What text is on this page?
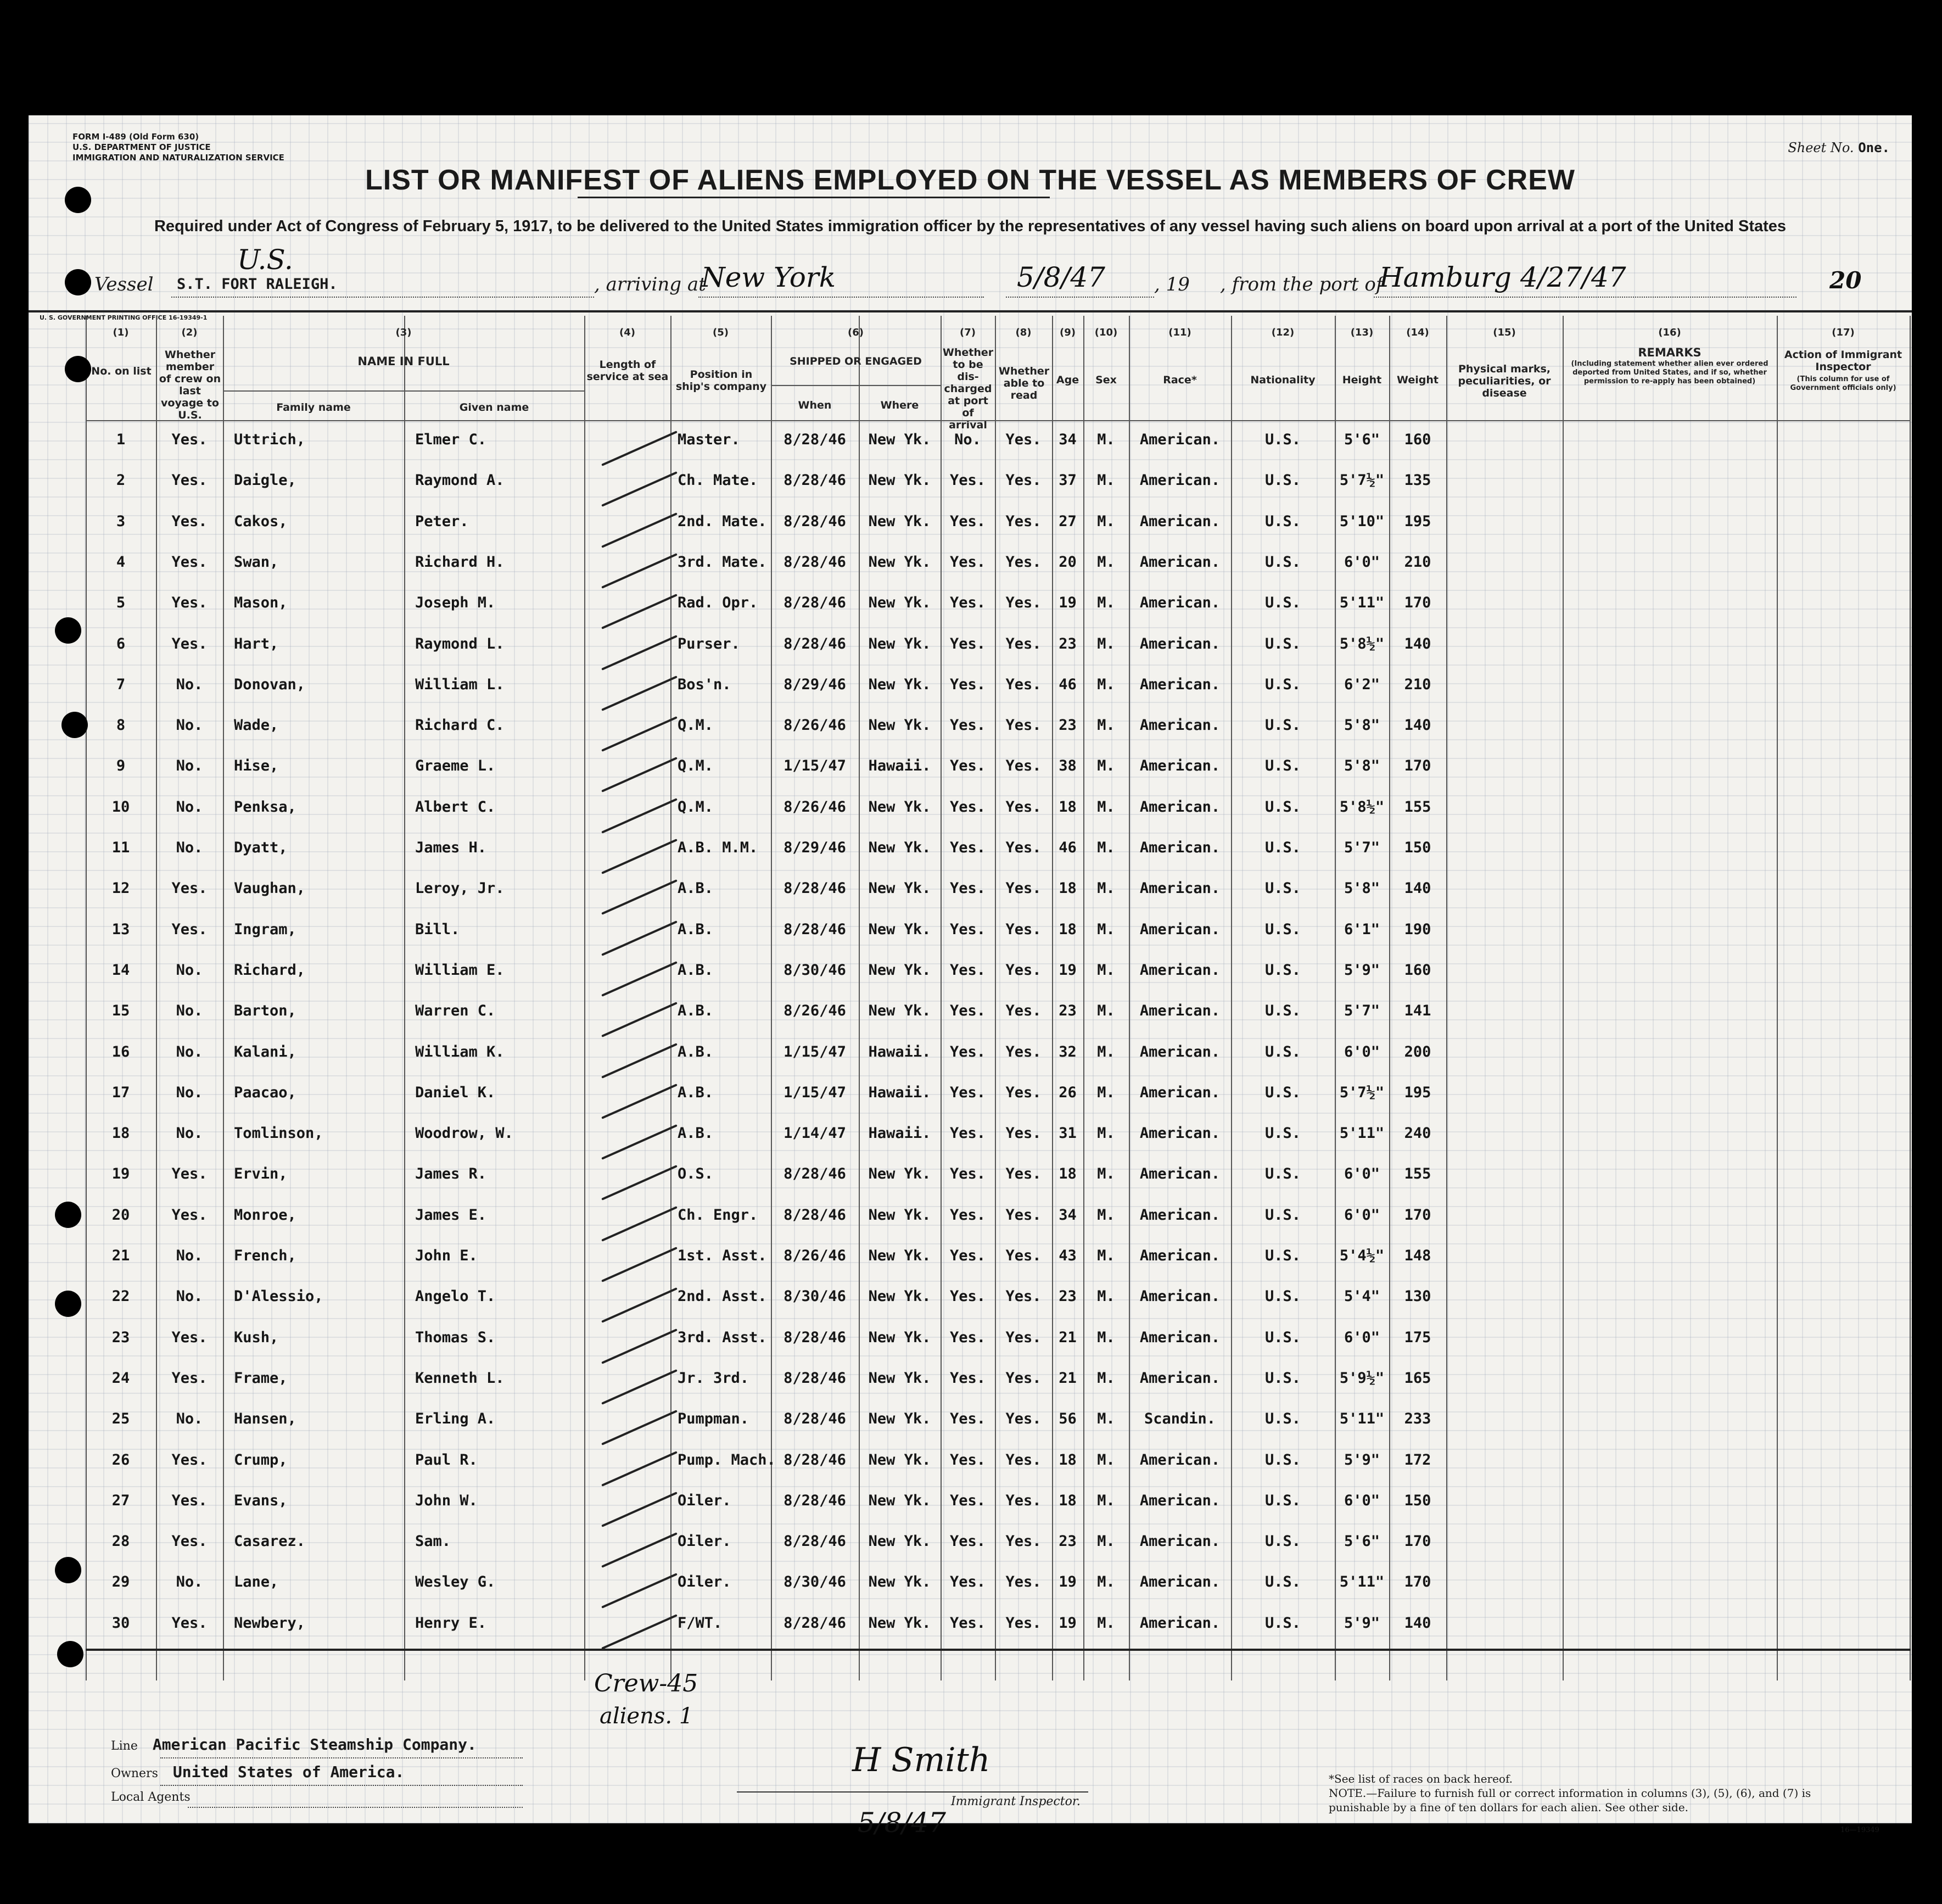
/
FORM I-489 (Old Form 630)
U.S. DEPARTMENT OF JUSTICE
IMMIGRATION AND NATURALIZATION SERVICE
Sheet No. One.
LIST OR MANIFEST OF ALIENS EMPLOYED ON THE VESSEL AS MEMBERS OF CREW
Required under Act of Congress of February 5, 1917, to be delivered to the United States immigration officer by the representatives of any vessel having such aliens on board upon arrival at a port of the United States
U.S.
Vessel S.T. FORT RALEIGH.	, arriving at
New York	5/8/47	, 19 , from the port of
Hamburg 4/27/47	20
U. S. GOVERNMENT PRINTING OFFICE 16-19349-1
(1)	(2)	(3)	(4)	(5)	(6)	(7)	(8)	(9)	(10)	(11)	(12)	(13)	(14)	(15)	(16)	(17)
No. on list
Whether member of crew on last voyage to U.S.
NAME IN FULL
Family name	Given name
Length of service at sea	Position in ship's company
SHIPPED OR ENGAGED
When	Where
Whether to be dis-charged at port of arrival
Whether able to read
Age	Sex	Race*	Nationality	Height	Weight
Physical marks, peculiarities, or disease
REMARKS
(Including statement whether alien ever ordered deported from United States, and if so, whether permission to re-apply has been obtained)
Action of Immigrant Inspector
(This column for use of Government officials only)
1	Yes.	Uttrich,	Elmer C.	Master.	8/28/46	New Yk.	No.	Yes.	34	M.	American.	U.S.	5'6"	160
2	Yes.	Daigle,	Raymond A.	Ch. Mate.	8/28/46	New Yk.	Yes.	Yes.	37	M.	American.	U.S.	5'7½"	135
3	Yes.	Cakos,	Peter.	2nd. Mate.	8/28/46	New Yk.	Yes.	Yes.	27	M.	American.	U.S.	5'10"	195
4	Yes.	Swan,	Richard H.	3rd. Mate.	8/28/46	New Yk.	Yes.	Yes.	20	M.	American.	U.S.	6'0"	210
5	Yes.	Mason,	Joseph M.	Rad. Opr.	8/28/46	New Yk.	Yes.	Yes.	19	M.	American.	U.S.	5'11"	170
6	Yes.	Hart,	Raymond L.	Purser.	8/28/46	New Yk.	Yes.	Yes.	23	M.	American.	U.S.	5'8½"	140
7	No.	Donovan,	William L.	Bos'n.	8/29/46	New Yk.	Yes.	Yes.	46	M.	American.	U.S.	6'2"	210
8	No.	Wade,	Richard C.	Q.M.	8/26/46	New Yk.	Yes.	Yes.	23	M.	American.	U.S.	5'8"	140
9	No.	Hise,	Graeme L.	Q.M.	1/15/47	Hawaii.	Yes.	Yes.	38	M.	American.	U.S.	5'8"	170
10	No.	Penksa,	Albert C.	Q.M.	8/26/46	New Yk.	Yes.	Yes.	18	M.	American.	U.S.	5'8½"	155
11	No.	Dyatt,	James H.	A.B. M.M.	8/29/46	New Yk.	Yes.	Yes.	46	M.	American.	U.S.	5'7"	150
12	Yes.	Vaughan,	Leroy, Jr.	A.B.	8/28/46	New Yk.	Yes.	Yes.	18	M.	American.	U.S.	5'8"	140
13	Yes.	Ingram,	Bill.	A.B.	8/28/46	New Yk.	Yes.	Yes.	18	M.	American.	U.S.	6'1"	190
14	No.	Richard,	William E.	A.B.	8/30/46	New Yk.	Yes.	Yes.	19	M.	American.	U.S.	5'9"	160
15	No.	Barton,	Warren C.	A.B.	8/26/46	New Yk.	Yes.	Yes.	23	M.	American.	U.S.	5'7"	141
16	No.	Kalani,	William K.	A.B.	1/15/47	Hawaii.	Yes.	Yes.	32	M.	American.	U.S.	6'0"	200
17	No.	Paacao,	Daniel K.	A.B.	1/15/47	Hawaii.	Yes.	Yes.	26	M.	American.	U.S.	5'7½"	195
18	No.	Tomlinson,	Woodrow, W.	A.B.	1/14/47	Hawaii.	Yes.	Yes.	31	M.	American.	U.S.	5'11"	240
19	Yes.	Ervin,	James R.	O.S.	8/28/46	New Yk.	Yes.	Yes.	18	M.	American.	U.S.	6'0"	155
20	Yes.	Monroe,	James E.	Ch. Engr.	8/28/46	New Yk.	Yes.	Yes.	34	M.	American.	U.S.	6'0"	170
21	No.	French,	John E.	1st. Asst.	8/26/46	New Yk.	Yes.	Yes.	43	M.	American.	U.S.	5'4½"	148
22	No.	D'Alessio,	Angelo T.	2nd. Asst.	8/30/46	New Yk.	Yes.	Yes.	23	M.	American.	U.S.	5'4"	130
23	Yes.	Kush,	Thomas S.	3rd. Asst.	8/28/46	New Yk.	Yes.	Yes.	21	M.	American.	U.S.	6'0"	175
24	Yes.	Frame,	Kenneth L.	Jr. 3rd.	8/28/46	New Yk.	Yes.	Yes.	21	M.	American.	U.S.	5'9½"	165
25	No.	Hansen,	Erling A.	Pumpman.	8/28/46	New Yk.	Yes.	Yes.	56	M.	Scandin.	U.S.	5'11"	233
26	Yes.	Crump,	Paul R.	Pump. Mach. 8/28/46	New Yk.	Yes.	Yes.	18	M.	American.	U.S.	5'9"	172
27	Yes.	Evans,	John W.	Oiler.	8/28/46	New Yk.	Yes.	Yes.	18	M.	American.	U.S.	6'0"	150
28	Yes.	Casarez.	Sam.	Oiler.	8/28/46	New Yk.	Yes.	Yes.	23	M.	American.	U.S.	5'6"	170
29	No.	Lane,	Wesley G.	Oiler.	8/30/46	New Yk.	Yes.	Yes.	19	M.	American.	U.S.	5'11"	170
30	Yes.	Newbery,	Henry E.	F/WT.	8/28/46	New Yk.	Yes.	Yes.	19	M.	American.	U.S.	5'9"	140
Crew-45
aliens. 1
Line American Pacific Steamship Company.
Owners United States of America.
Local Agents
H Smith
Immigrant Inspector.
5/8/47
*See list of races on back hereof.
NOTE.—Failure to furnish full or correct information in columns (3), (5), (6), and (7) is punishable by a fine of ten dollars for each alien. See other side.
16—19349
